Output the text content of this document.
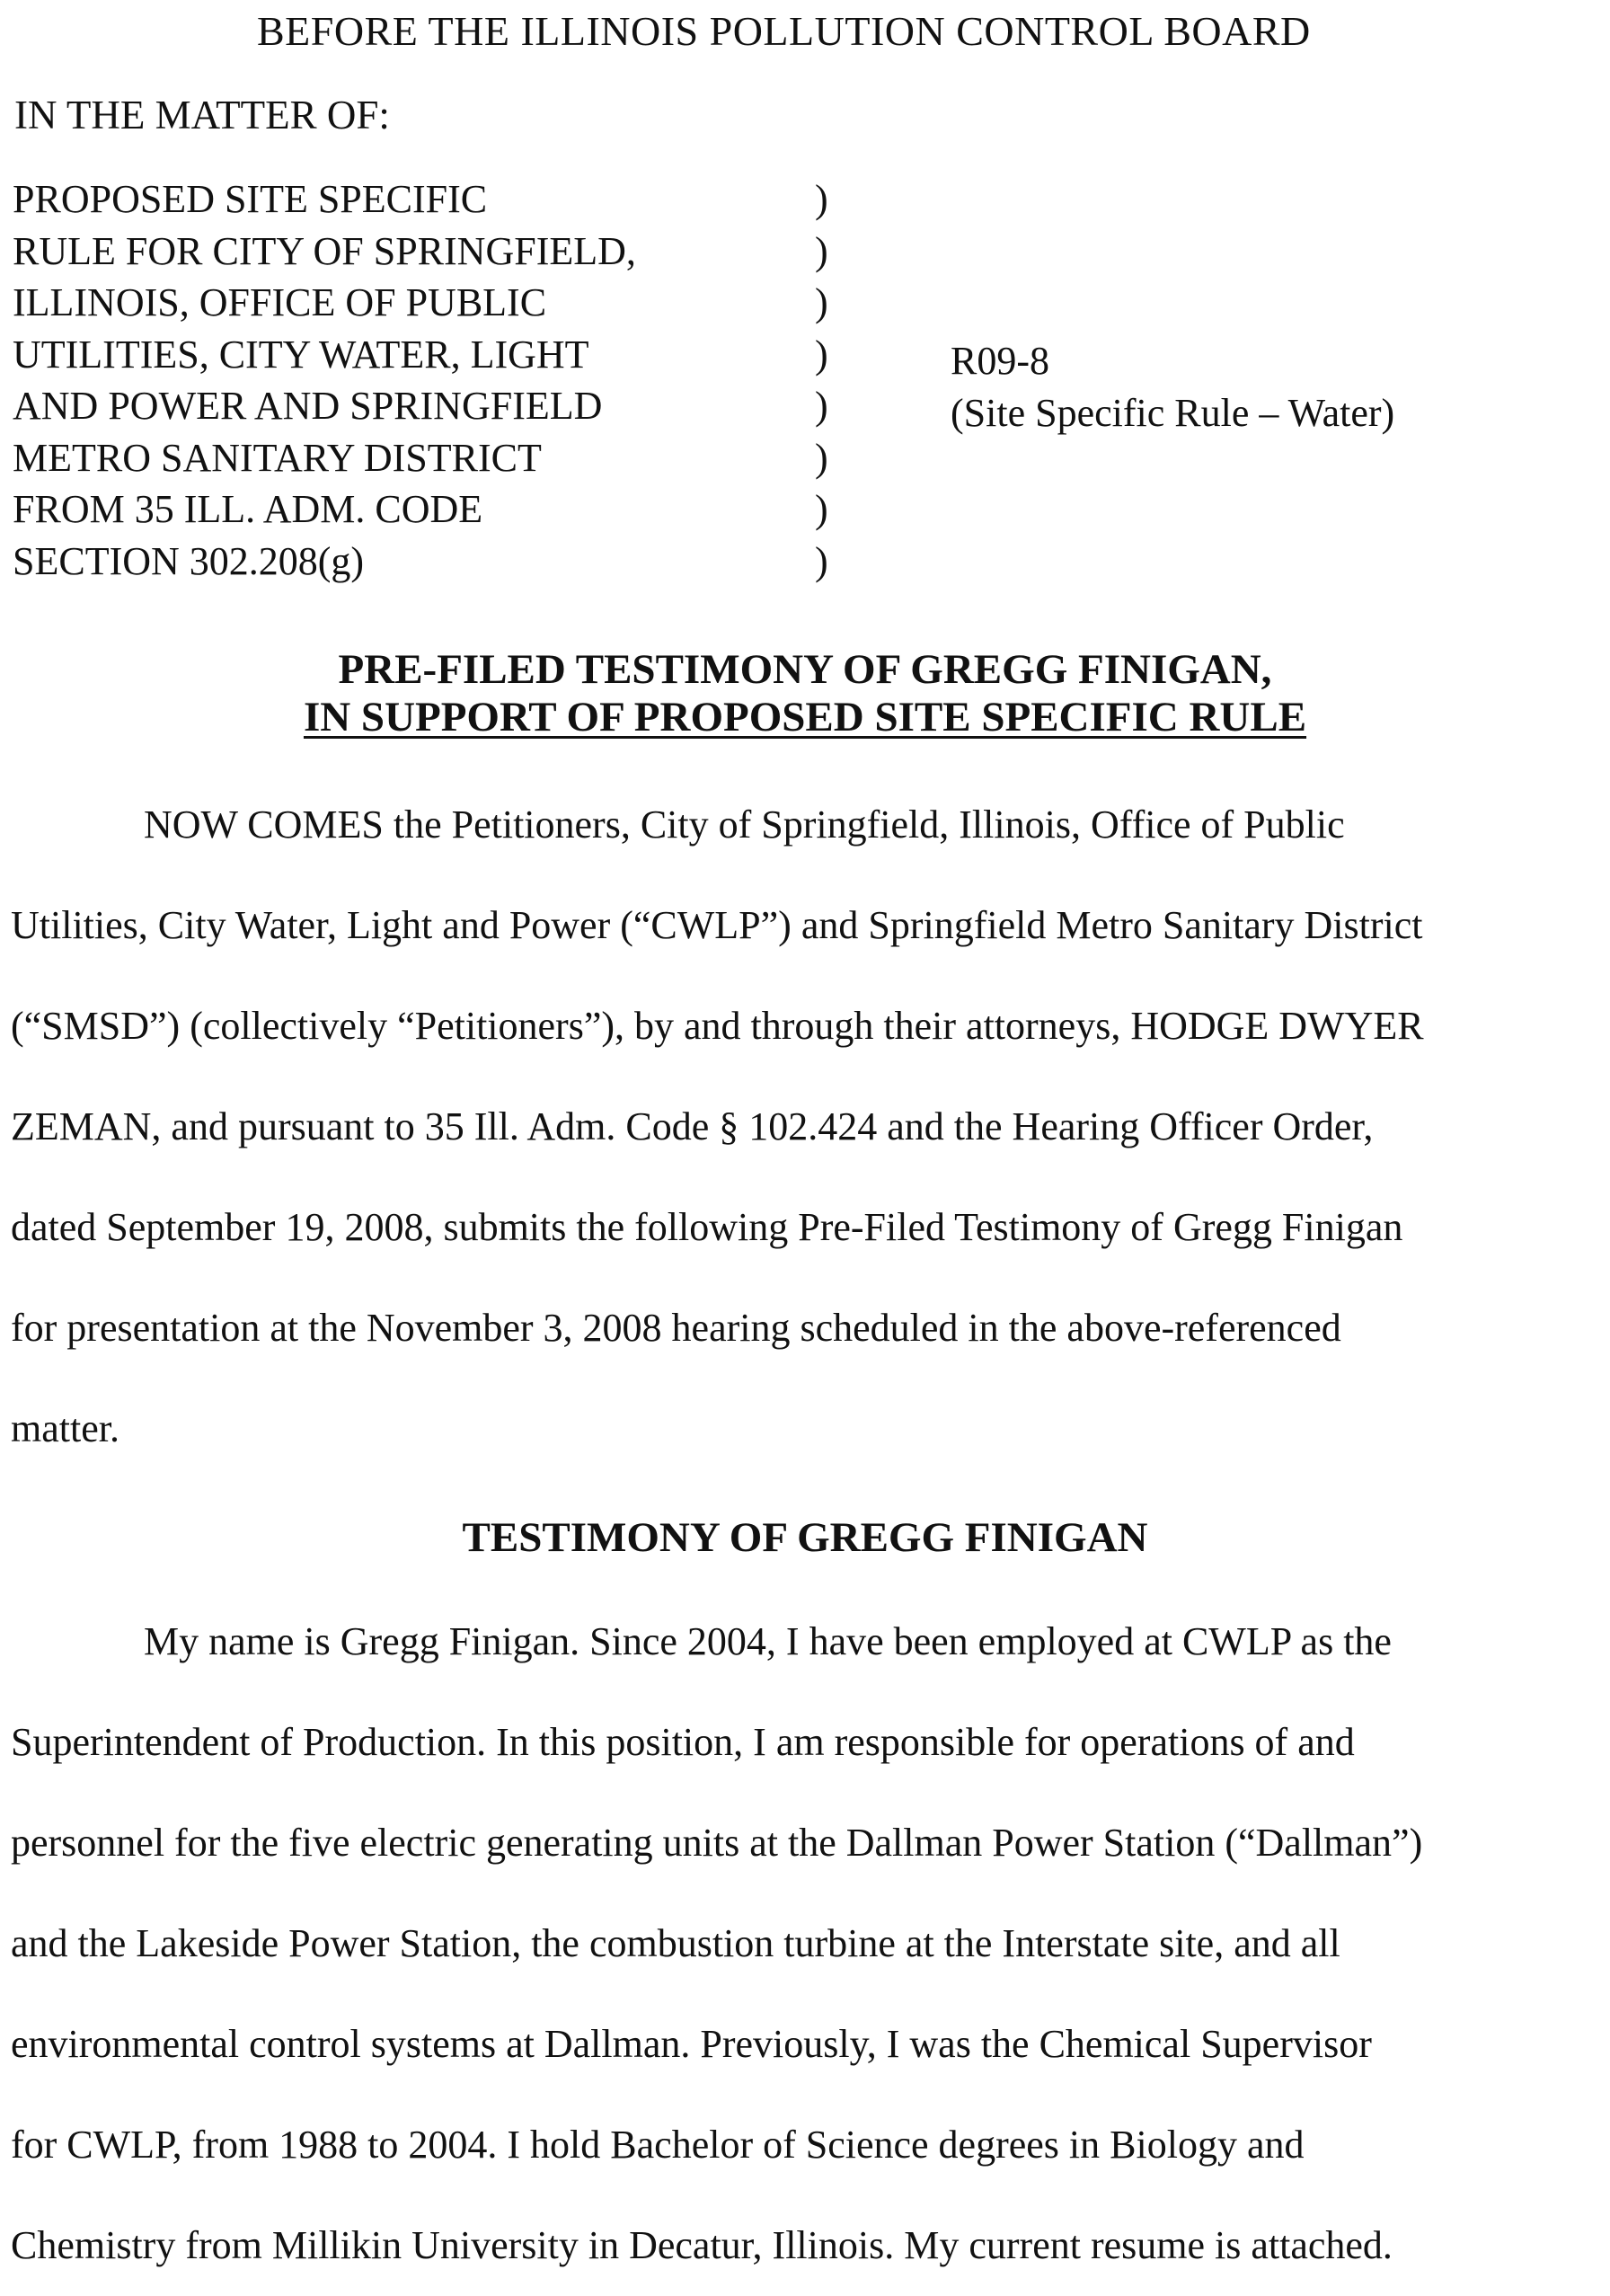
BEFORE THE ILLINOIS POLLUTION CONTROL BOARD
IN THE MATTER OF:
PROPOSED SITE SPECIFIC	)
RULE FOR CITY OF SPRINGFIELD,	)
ILLINOIS, OFFICE OF PUBLIC	)
UTILITIES, CITY WATER, LIGHT	)
AND POWER AND SPRINGFIELD	)
METRO SANITARY DISTRICT	)
FROM 35 ILL. ADM. CODE	)
SECTION 302.208(g)	)
R09-8
(Site Specific Rule – Water)
PRE-FILED TESTIMONY OF GREGG FINIGAN,
IN SUPPORT OF PROPOSED SITE SPECIFIC RULE
NOW COMES the Petitioners, City of Springfield, Illinois, Office of Public
Utilities, City Water, Light and Power (“CWLP”) and Springfield Metro Sanitary District
(“SMSD”) (collectively “Petitioners”), by and through their attorneys, HODGE DWYER
ZEMAN, and pursuant to 35 Ill. Adm. Code § 102.424 and the Hearing Officer Order,
dated September 19, 2008, submits the following Pre-Filed Testimony of Gregg Finigan
for presentation at the November 3, 2008 hearing scheduled in the above-referenced
matter.
TESTIMONY OF GREGG FINIGAN
My name is Gregg Finigan. Since 2004, I have been employed at CWLP as the
Superintendent of Production. In this position, I am responsible for operations of and
personnel for the five electric generating units at the Dallman Power Station (“Dallman”)
and the Lakeside Power Station, the combustion turbine at the Interstate site, and all
environmental control systems at Dallman. Previously, I was the Chemical Supervisor
for CWLP, from 1988 to 2004. I hold Bachelor of Science degrees in Biology and
Chemistry from Millikin University in Decatur, Illinois. My current resume is attached.
